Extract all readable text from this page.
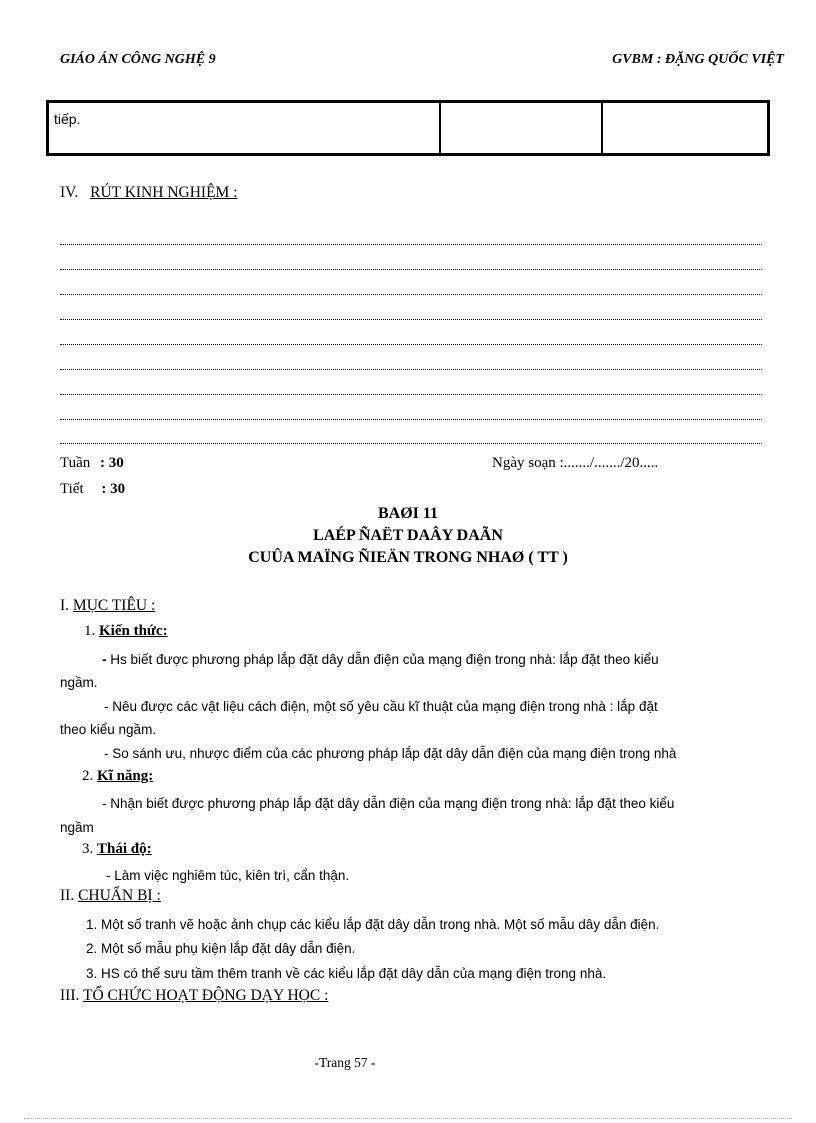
GIÁO ÁN CÔNG NGHỆ 9	GVBM : ĐẶNG QUỐC VIỆT
tiếp.		
IV. RÚT KINH NGHIỆM :
Tuần : 30	Ngày soạn :......./......./20.....
Tiết : 30
BAØI 11
LAÉP ÑAËT DAÂY DAÃN
CUÛA MAÏNG ÑIEÄN TRONG NHAØ ( TT )
I. MỤC TIÊU :
1. Kiến thức:
- Hs biết được phương pháp lắp đặt dây dẫn điện của mạng điện trong nhà: lắp đặt theo kiểu
ngầm.
- Nêu được các vật liệu cách điện, một số yêu cầu kĩ thuật của mạng điện trong nhà : lắp đặt
theo kiểu ngầm.
- So sánh ưu, nhược điểm của các phương pháp lắp đặt dây dẫn điện của mạng điện trong nhà
2. Kĩ năng:
- Nhận biết được phương pháp lắp đặt dây dẫn điện của mạng điện trong nhà: lắp đặt theo kiểu
ngầm
3. Thái độ:
- Làm việc nghiêm túc, kiên trì, cẩn thận.
II. CHUẨN BỊ :
1. Một số tranh vẽ hoặc ảnh chụp các kiểu lắp đặt dây dẫn trong nhà. Một số mẫu dây dẫn điện.
2. Một số mẫu phụ kiện lắp đặt dây dẫn điện.
3. HS có thể sưu tầm thêm tranh về các kiểu lắp đặt dây dẫn của mạng điện trong nhà.
III. TỔ CHỨC HOẠT ĐỘNG DẠY HỌC :
-Trang 57 -
